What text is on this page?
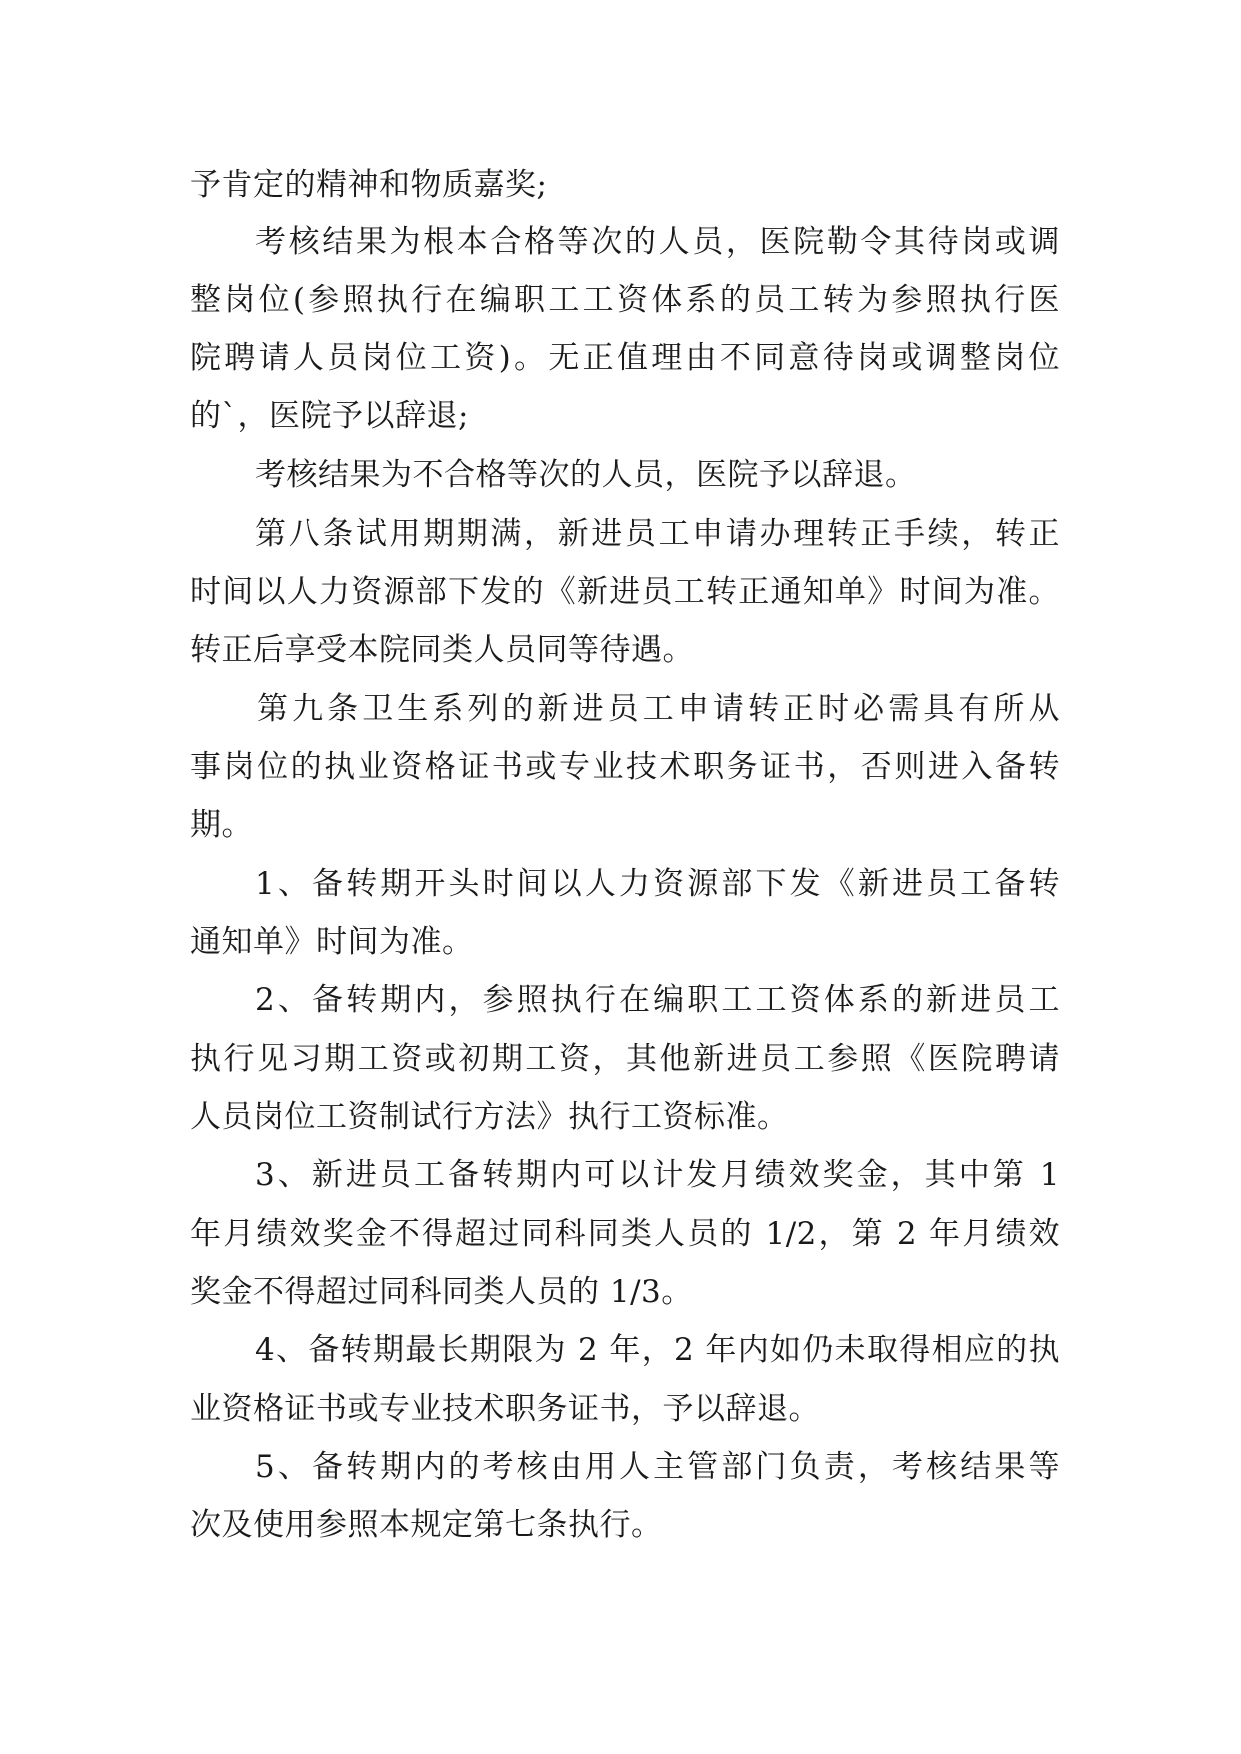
予肯定的精神和物质嘉奖;

考核结果为根本合格等次的人员，医院勒令其待岗或调

整岗位(参照执行在编职工工资体系的员工转为参照执行医

院聘请人员岗位工资)。无正值理由不同意待岗或调整岗位

的`，医院予以辞退;

考核结果为不合格等次的人员，医院予以辞退。

第八条试用期期满，新进员工申请办理转正手续，转正

时间以人力资源部下发的《新进员工转正通知单》时间为准。

转正后享受本院同类人员同等待遇。

第九条卫生系列的新进员工申请转正时必需具有所从

事岗位的执业资格证书或专业技术职务证书，否则进入备转

期。

1、备转期开头时间以人力资源部下发《新进员工备转

通知单》时间为准。

2、备转期内，参照执行在编职工工资体系的新进员工

执行见习期工资或初期工资，其他新进员工参照《医院聘请

人员岗位工资制试行方法》执行工资标准。

3、新进员工备转期内可以计发月绩效奖金，其中第 1

年月绩效奖金不得超过同科同类人员的 1/2，第 2 年月绩效

奖金不得超过同科同类人员的 1/3。

4、备转期最长期限为 2 年，2 年内如仍未取得相应的执

业资格证书或专业技术职务证书，予以辞退。

5、备转期内的考核由用人主管部门负责，考核结果等

次及使用参照本规定第七条执行。
